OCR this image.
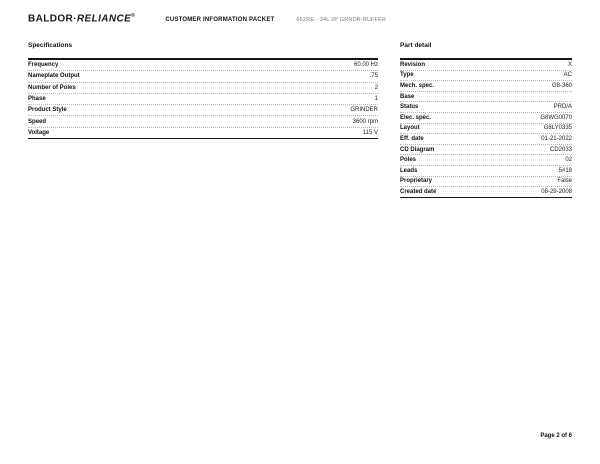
BALDOR·RELIANCE®
CUSTOMER INFORMATION PACKET	662RE - 34L 2P GRNDR-BUFFER
Specifications
Frequency	60.00 Hz
Nameplate Output	.75
Number of Poles	2
Phase	1
Product Style	GRINDER
Speed	3600 rpm
Voltage	115 V
Part detail
Revision	X
Type	AC
Mech. spec.	G8-360
Base
Status	PRD/A
Elec. spec.	G8WG0070
Layout	G8LY0335
Eff. date	01-21-2022
CD Diagram	CD2033
Poles	02
Leads	5#18
Proprietary	False
Created date	08-29-2008
Page 2 of 6
